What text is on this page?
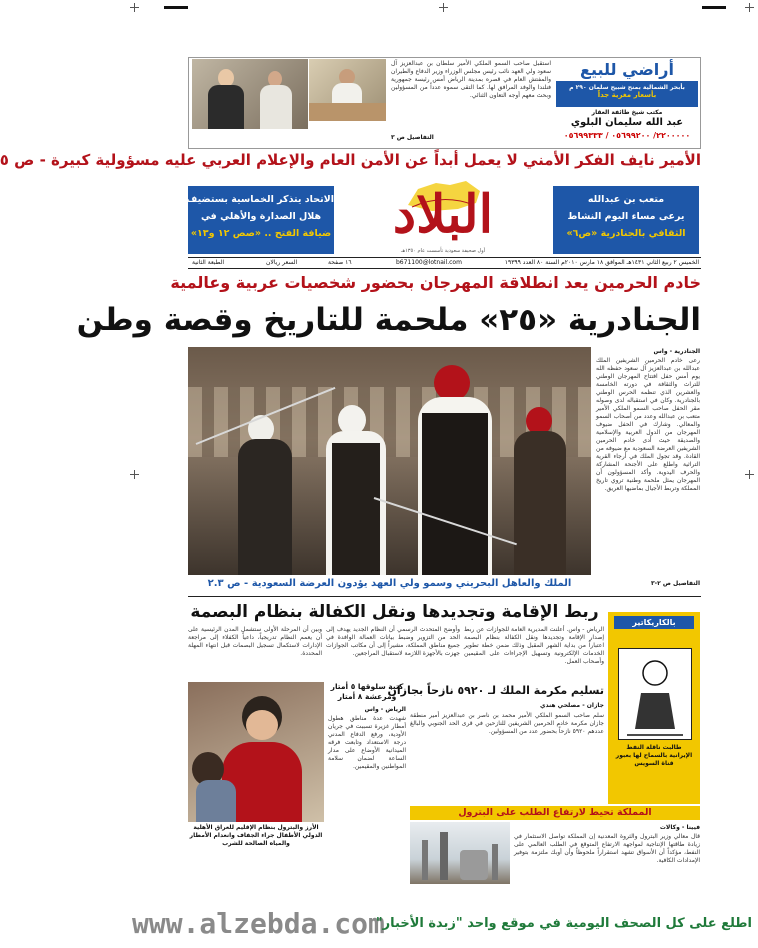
أراضي للبيع
بأبحر الشمالية بمنح شبيح سلمان ٢٩٠ م
بأسعار مغرية جداً
مكتب شيخ طائفة العقار
عبد الله سليمان البلوي
٢٢٠٠٠٠٠/ ٠٥٦٩٩٢٠٠ / ٠٥٦٩٩٣٣٣
استقبل صاحب السمو الملكي الأمير سلطان بن عبدالعزيز آل سعود ولي العهد نائب رئيس مجلس الوزراء وزير الدفاع والطيران والمفتش العام في قصره بمدينة الرياض أمس رئيسة جمهورية فنلندا والوفد المرافق لها. كما التقى سموه عدداً من المسؤولين وبحث معهم أوجه التعاون الثنائي.
التفاصيل ص ٣
الأمير نايف الفكر الأمني لا يعمل أبداً عن الأمن العام والإعلام العربي عليه مسؤولية كبيرة - ص ٥
الاتحاد يتذكر الخماسية بستضيف
هلال الصدارة والأهلي في
ضيافة الفتح .. «صص ١٢ و١٣»
متعب بن عبدالله
يرعى مساء اليوم النشاط
الثقافي بالجنادرية «ص٦»
البلاد
أول صحيفة سعودية تأسست عام ١٣٥٠هـ
الخميس ٢ ربيع الثاني ١٤٣١هـ الموافق ١٨ مارس ٢٠١٠م السنة ٨٠ العدد ١٩٣٩٩
b671100@lotnail.com
١٦ صفحة
السعر ريالان
الطبعة الثانية
خادم الحرمين يعد انطلاقة المهرجان بحضور شخصيات عربية وعالمية
الجنادرية «٢٥» ملحمة للتاريخ وقصة وطن
الملك والعاهل البحريني وسمو ولي العهد يؤدون العرضة السعودية - ص ٢.٣
الجنادرية - واس
رعى خادم الحرمين الشريفين الملك عبدالله بن عبدالعزيز آل سعود حفظه الله يوم أمس حفل افتتاح المهرجان الوطني للتراث والثقافة في دورته الخامسة والعشرين الذي تنظمه الحرس الوطني بالجنادرية. وكان في استقباله لدى وصوله مقر الحفل صاحب السمو الملكي الأمير متعب بن عبدالله وعدد من أصحاب السمو والمعالي. وشارك في الحفل ضيوف المهرجان من الدول العربية والإسلامية والصديقة حيث أدى خادم الحرمين الشريفين العرضة السعودية مع ضيوفه من القادة. وقد تجول الملك في أرجاء القرية التراثية واطلع على الأجنحة المشاركة والحرف اليدوية. وأكد المسؤولون أن المهرجان يمثل ملحمة وطنية تروي تاريخ المملكة وتربط الأجيال بماضيها العريق.
التفاصيل ص ٢-٣
ربط الإقامة وتجديدها ونقل الكفالة بنظام البصمة
الرياض - واس. أعلنت المديرية العامة للجوازات عن ربط إصدار الإقامة وتجديدها ونقل الكفالة بنظام البصمة اعتباراً من بداية الشهر المقبل وذلك ضمن خطة تطوير الخدمات الإلكترونية وتسهيل الإجراءات على المقيمين وأصحاب العمل.
وأوضح المتحدث الرسمي أن النظام الجديد يهدف إلى الحد من التزوير وضبط بيانات العمالة الوافدة في جميع مناطق المملكة، مشيراً إلى أن مكاتب الجوازات جهزت بالأجهزة اللازمة لاستقبال المراجعين.
وبين أن المرحلة الأولى ستشمل المدن الرئيسية على أن يعمم النظام تدريجياً، داعياً الكفلاء إلى مراجعة الإدارات لاستكمال تسجيل البصمات قبل انتهاء المهلة المحددة.
بالكاريكاتير
طالبت ناقلة النفط الإيرانية بالسماح لها بعبور قناة السويس
الأرز والبترول بنظام الإقليم للعراق الأهلية الدولي الأطفال جراء الجفاف وانعدام الأمطار والمياه الصالحة للشرب
كتبة سلوقها ٥ أمتار ومرعشة ٨ أمتار
الرياض - واس
شهدت عدة مناطق هطول أمطار غزيرة تسببت في جريان الأودية، ورفع الدفاع المدني درجة الاستعداد وتابعت فرقه الميدانية الأوضاع على مدار الساعة لضمان سلامة المواطنين والمقيمين.
تسليم مكرمة الملك لـ ٥٩٢٠ نازحاً بجازان
جازان - مصلحي هندي
سلم صاحب السمو الملكي الأمير محمد بن ناصر بن عبدالعزيز أمير منطقة جازان مكرمة خادم الحرمين الشريفين للنازحين في قرى الحد الجنوبي والبالغ عددهم ٥٩٢٠ نازحاً بحضور عدد من المسؤولين.
المملكة تحيط لارتفاع الطلب على البترول
فيينا - وكالات
قال معالي وزير البترول والثروة المعدنية إن المملكة تواصل الاستثمار في زيادة طاقتها الإنتاجية لمواجهة الارتفاع المتوقع في الطلب العالمي على النفط، مؤكداً أن الأسواق تشهد استقراراً ملحوظاً وأن أوبك ملتزمة بتوفير الإمدادات الكافية.
www.alzebda.com
اطلع على كل الصحف اليومية في موقع واحد "زبدة الأخبار"
